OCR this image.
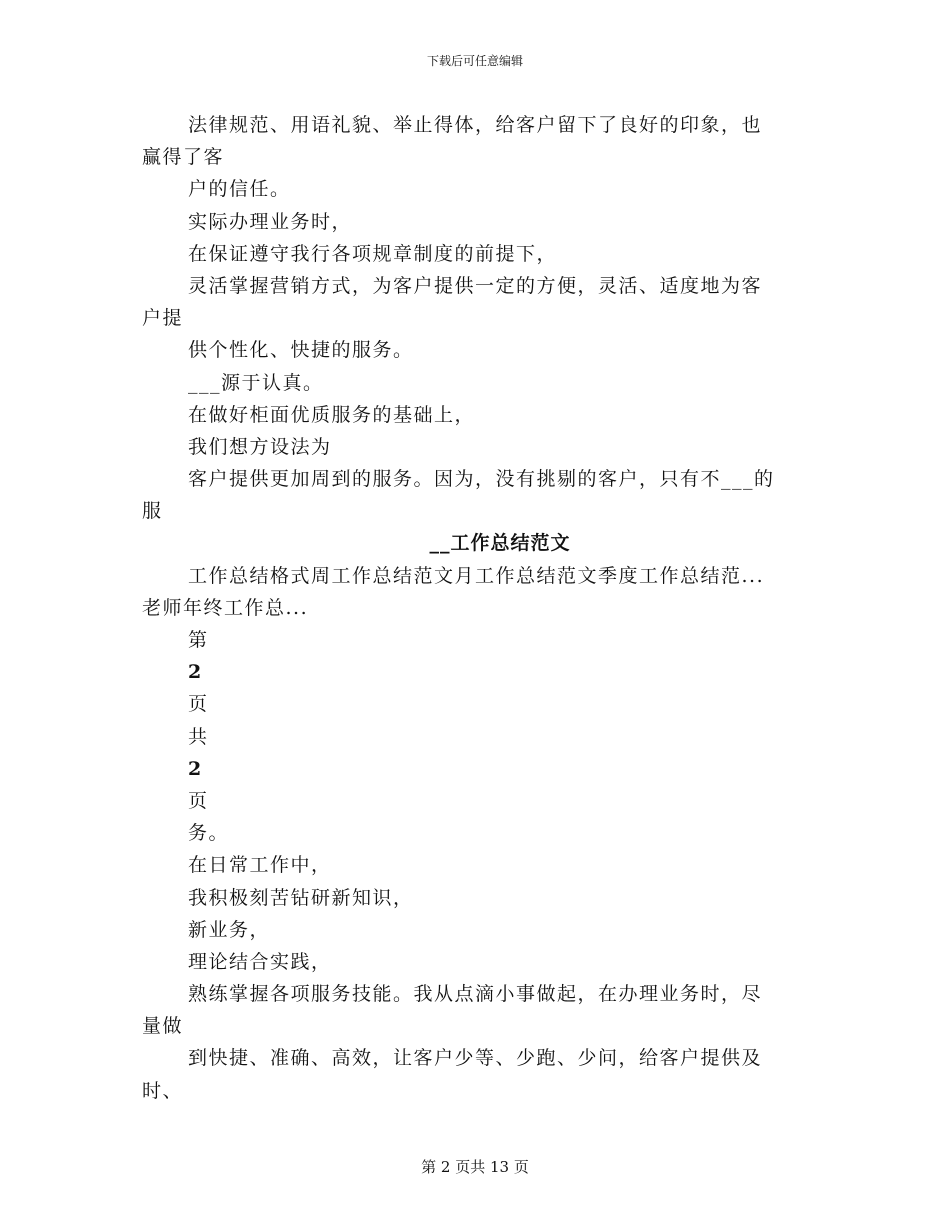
下载后可任意编辑
法律规范、用语礼貌、举止得体，给客户留下了良好的印象，也
赢得了客
户的信任。
实际办理业务时，
在保证遵守我行各项规章制度的前提下，
灵活掌握营销方式，为客户提供一定的方便，灵活、适度地为客
户提
供个性化、快捷的服务。
___源于认真。
在做好柜面优质服务的基础上，
我们想方设法为
客户提供更加周到的服务。因为，没有挑剔的客户，只有不___的
服
__工作总结范文
工作总结格式周工作总结范文月工作总结范文季度工作总结范...
老师年终工作总...
第
2
页
共
2
页
务。
在日常工作中，
我积极刻苦钻研新知识，
新业务，
理论结合实践，
熟练掌握各项服务技能。我从点滴小事做起，在办理业务时，尽
量做
到快捷、准确、高效，让客户少等、少跑、少问，给客户提供及
时、
第 2 页共 13 页
